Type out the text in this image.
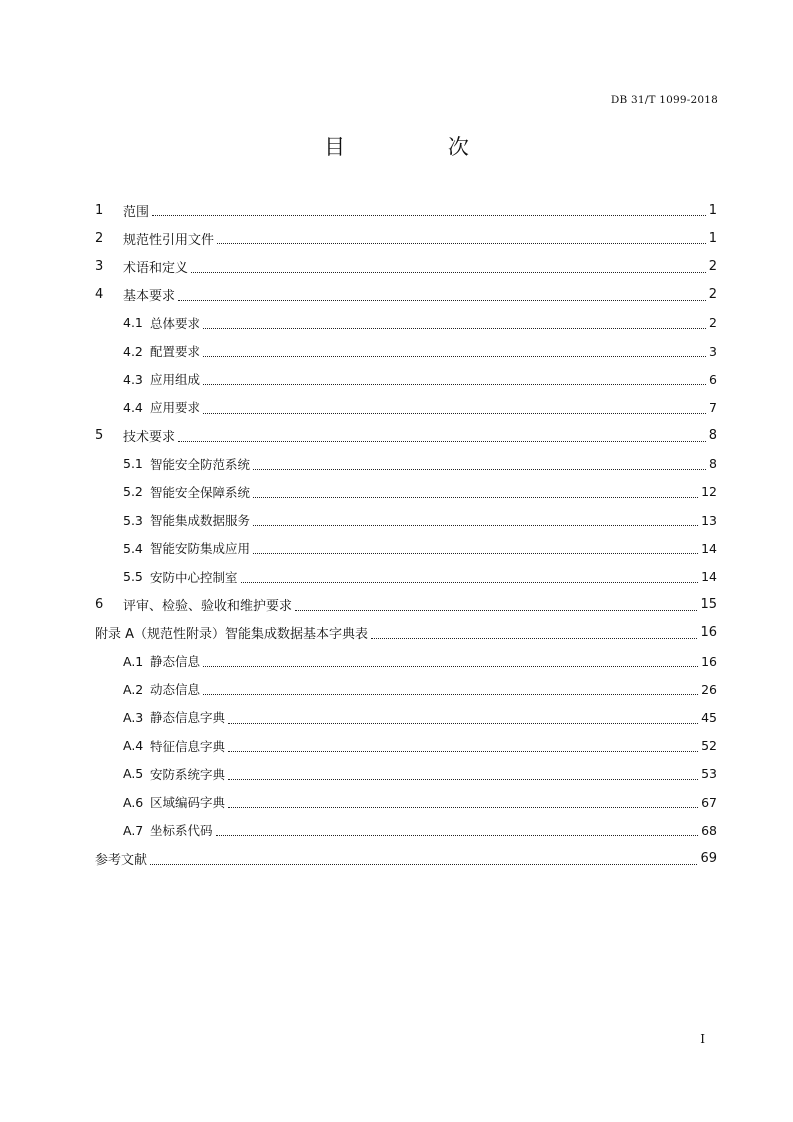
DB 31/T 1099-2018
目 次
1	范围	1
2	规范性引用文件	1
3	术语和定义	2
4	基本要求	2
4.1 总体要求	2
4.2 配置要求	3
4.3 应用组成	6
4.4 应用要求	7
5	技术要求	8
5.1 智能安全防范系统	8
5.2 智能安全保障系统	12
5.3 智能集成数据服务	13
5.4 智能安防集成应用	14
5.5 安防中心控制室	14
6	评审、检验、验收和维护要求	15
附录 A（规范性附录）智能集成数据基本字典表	16
A.1 静态信息	16
A.2 动态信息	26
A.3 静态信息字典	45
A.4 特征信息字典	52
A.5 安防系统字典	53
A.6 区域编码字典	67
A.7 坐标系代码	68
参考文献	69
I
